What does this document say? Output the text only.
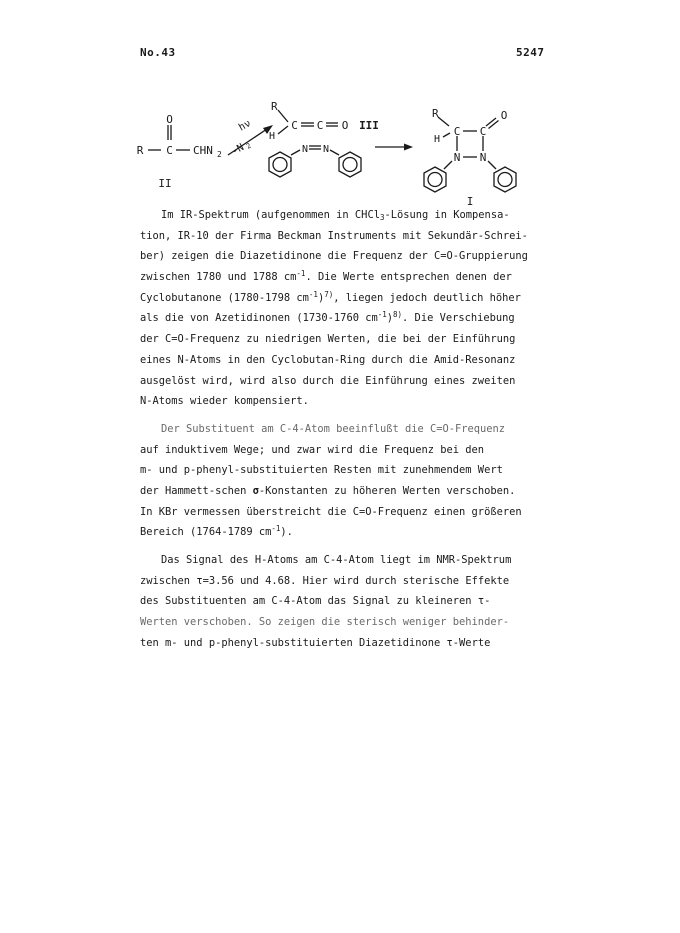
No.43	5247
O
R C CHN 2
II
hν
-N 2
R
H
C C O III
N N
R
H
C C
O
N N
I
Im IR-Spektrum (aufgenommen in CHCl$_3$-Lösung in Kompensa-
tion, IR-10 der Firma Beckman Instruments mit Sekundär-Schrei-
ber) zeigen die Diazetidinone die Frequenz der C=O-Gruppierung
zwischen 1780 und 1788 $cm^{-1}$. Die Werte entsprechen denen der
Cyclobutanone (1780-1798 $cm^{-1})^{7)}$, liegen jedoch deutlich höher
als die von Azetidinonen (1730-1760 $cm^{-1})^{8)}$. Die Verschiebung
der C=O-Frequenz zu niedrigen Werten, die bei der Einführung
eines N-Atoms in den Cyclobutan-Ring durch die Amid-Resonanz
ausgelöst wird, wird also durch die Einführung eines zweiten
N-Atoms wieder kompensiert.
Der Substituent am C-4-Atom beeinflußt die C=O-Frequenz
auf induktivem Wege; und zwar wird die Frequenz bei den
m- und p-phenyl-substituierten Resten mit zunehmendem Wert
der Hammett-schen σ-Konstanten zu höheren Werten verschoben.
In KBr vermessen überstreicht die C=O-Frequenz einen größeren
Bereich (1764-1789 $cm^{-1}$).
Das Signal des H-Atoms am C-4-Atom liegt im NMR-Spektrum
zwischen τ=3.56 und 4.68. Hier wird durch sterische Effekte
des Substituenten am C-4-Atom das Signal zu kleineren τ-
Werten verschoben. So zeigen die sterisch weniger behinder-
ten m- und p-phenyl-substituierten Diazetidinone τ-Werte
